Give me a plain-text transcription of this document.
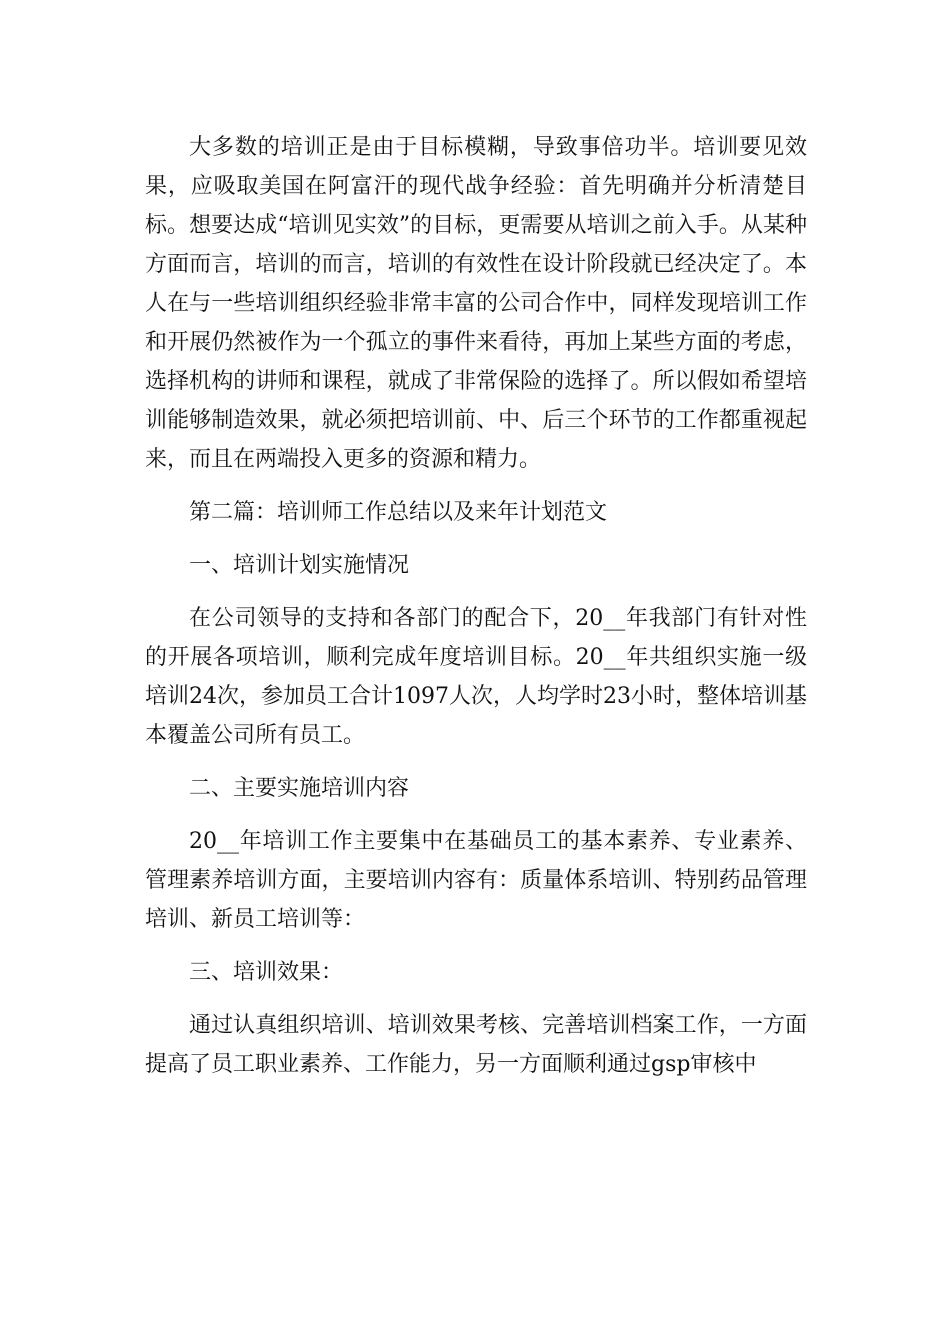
大多数的培训正是由于目标模糊，导致事倍功半。培训要见效果，应吸取美国在阿富汗的现代战争经验：首先明确并分析清楚目标。想要达成“培训见实效”的目标，更需要从培训之前入手。从某种方面而言，培训的而言，培训的有效性在设计阶段就已经决定了。本人在与一些培训组织经验非常丰富的公司合作中，同样发现培训工作和开展仍然被作为一个孤立的事件来看待，再加上某些方面的考虑，选择机构的讲师和课程，就成了非常保险的选择了。所以假如希望培训能够制造效果，就必须把培训前、中、后三个环节的工作都重视起来，而且在两端投入更多的资源和精力。

第二篇：培训师工作总结以及来年计划范文

一、培训计划实施情况

在公司领导的支持和各部门的配合下，20__年我部门有针对性的开展各项培训，顺利完成年度培训目标。20__年共组织实施一级培训24次，参加员工合计1097人次，人均学时23小时，整体培训基本覆盖公司所有员工。

二、主要实施培训内容

20__年培训工作主要集中在基础员工的基本素养、专业素养、管理素养培训方面，主要培训内容有：质量体系培训、特别药品管理培训、新员工培训等：

三、培训效果：

通过认真组织培训、培训效果考核、完善培训档案工作，一方面提高了员工职业素养、工作能力，另一方面顺利通过gsp审核中
